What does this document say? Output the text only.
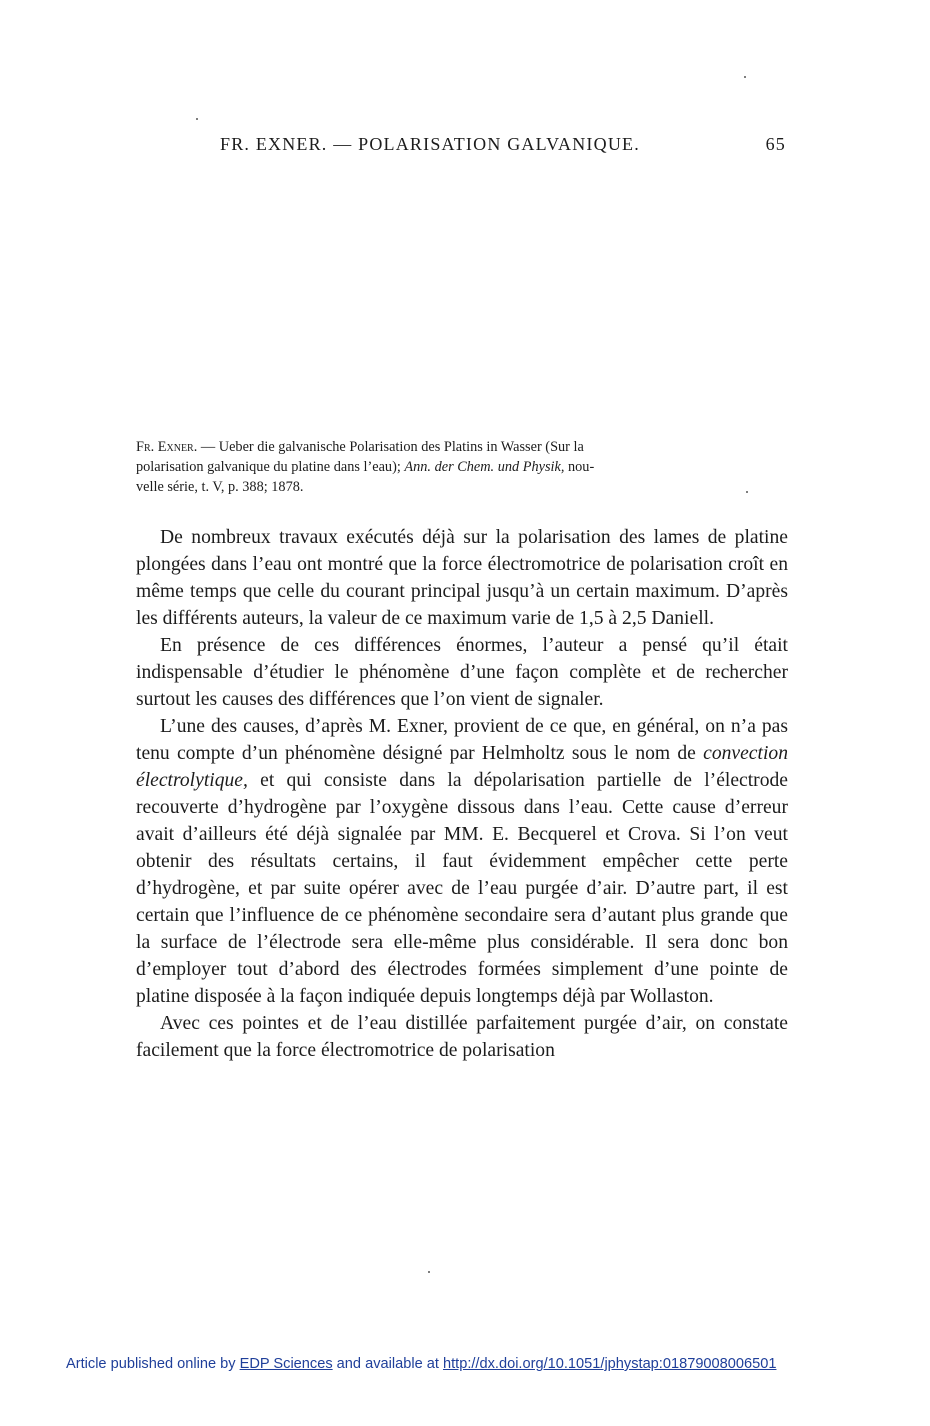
FR. EXNER. — POLARISATION GALVANIQUE.	65
Fr. Exner. — Ueber die galvanische Polarisation des Platins in Wasser (Sur la
polarisation galvanique du platine dans l’eau); Ann. der Chem. und Physik, nou-
velle série, t. V, p. 388; 1878.

De nombreux travaux exécutés déjà sur la polarisation des lames de platine plongées dans l’eau ont montré que la force électromotrice de polarisation croît en même temps que celle du courant principal jusqu’à un certain maximum. D’après les différents auteurs, la valeur de ce maximum varie de 1,5 à 2,5 Daniell.

En présence de ces différences énormes, l’auteur a pensé qu’il était indispensable d’étudier le phénomène d’une façon complète et de rechercher surtout les causes des différences que l’on vient de signaler.

L’une des causes, d’après M. Exner, provient de ce que, en général, on n’a pas tenu compte d’un phénomène désigné par Helmholtz sous le nom de convection électrolytique, et qui consiste dans la dépolarisation partielle de l’électrode recouverte d’hydrogène par l’oxygène dissous dans l’eau. Cette cause d’erreur avait d’ailleurs été déjà signalée par MM. E. Becquerel et Crova. Si l’on veut obtenir des résultats certains, il faut évidemment empêcher cette perte d’hydrogène, et par suite opérer avec de l’eau purgée d’air. D’autre part, il est certain que l’influence de ce phénomène secondaire sera d’autant plus grande que la surface de l’électrode sera elle-même plus considérable. Il sera donc bon d’employer tout d’abord des électrodes formées simplement d’une pointe de platine disposée à la façon indiquée depuis longtemps déjà par Wollaston.

Avec ces pointes et de l’eau distillée parfaitement purgée d’air, on constate facilement que la force électromotrice de polarisation

Article published online by EDP Sciences and available at http://dx.doi.org/10.1051/jphystap:01879008006501
